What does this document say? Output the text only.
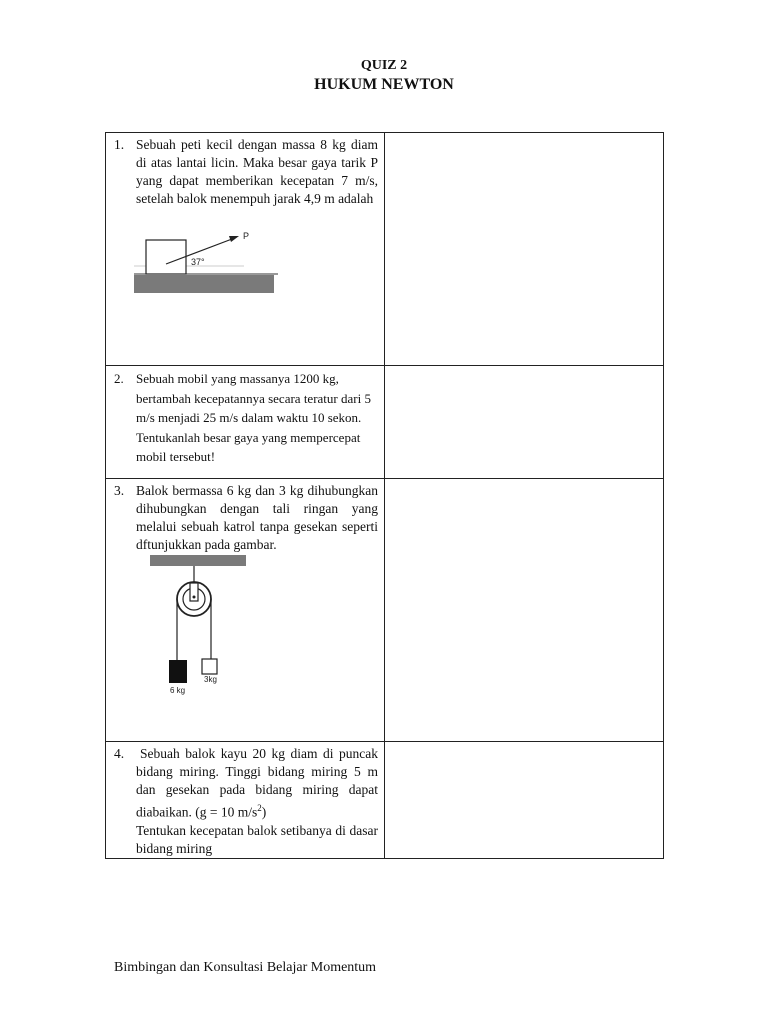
QUIZ 2
HUKUM NEWTON
1. Sebuah peti kecil dengan massa 8 kg diam di atas lantai licin. Maka besar gaya tarik P yang dapat memberikan kecepatan 7 m/s, setelah balok menempuh jarak 4,9 m adalah
P
37°	

2. Sebuah mobil yang massanya 1200 kg, bertambah kecepatannya secara teratur dari 5 m/s menjadi 25 m/s dalam waktu 10 sekon. Tentukanlah besar gaya yang mempercepat mobil tersebut!	

3. Balok bermassa 6 kg dan 3 kg dihubungkan dihubungkan dengan tali ringan yang melalui sebuah katrol tanpa gesekan seperti dftunjukkan pada gambar.
6 kg
3kg	

4. Sebuah balok kayu 20 kg diam di puncak bidang miring. Tinggi bidang miring 5 m dan gesekan pada bidang miring dapat diabaikan. (g = 10 $m/s^2$)
Tentukan kecepatan balok setibanya di dasar bidang miring	

Bimbingan dan Konsultasi Belajar Momentum
